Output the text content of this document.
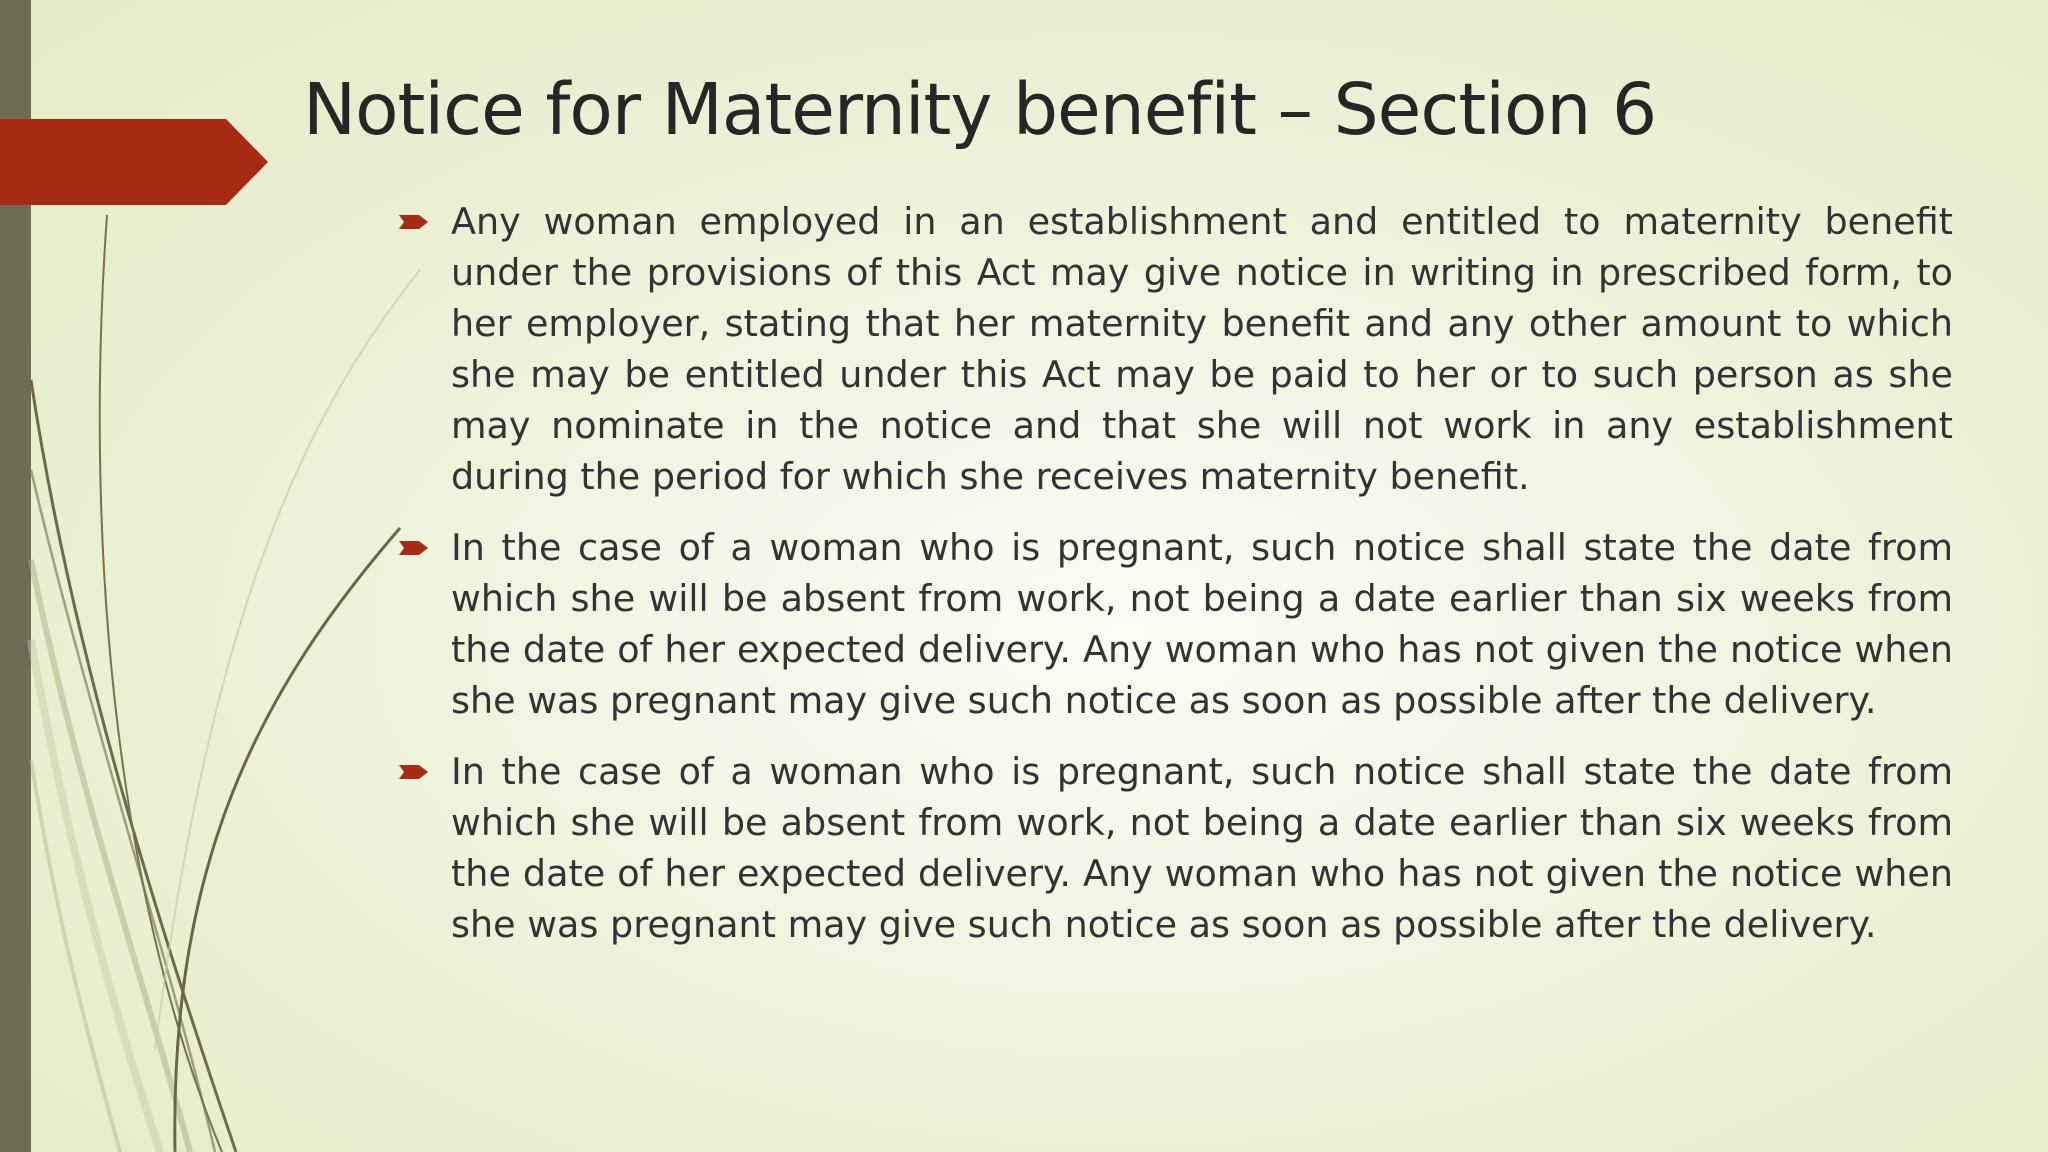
Notice for Maternity benefit – Section 6
Any woman employed in an establishment and entitled to maternity benefit under the provisions of this Act may give notice in writing in prescribed form, to her employer, stating that her maternity benefit and any other amount to which she may be entitled under this Act may be paid to her or to such person as she may nominate in the notice and that she will not work in any establishment during the period for which she receives maternity benefit.
In the case of a woman who is pregnant, such notice shall state the date from which she will be absent from work, not being a date earlier than six weeks from the date of her expected delivery. Any woman who has not given the notice when she was pregnant may give such notice as soon as possible after the delivery.
In the case of a woman who is pregnant, such notice shall state the date from which she will be absent from work, not being a date earlier than six weeks from the date of her expected delivery. Any woman who has not given the notice when she was pregnant may give such notice as soon as possible after the delivery.
